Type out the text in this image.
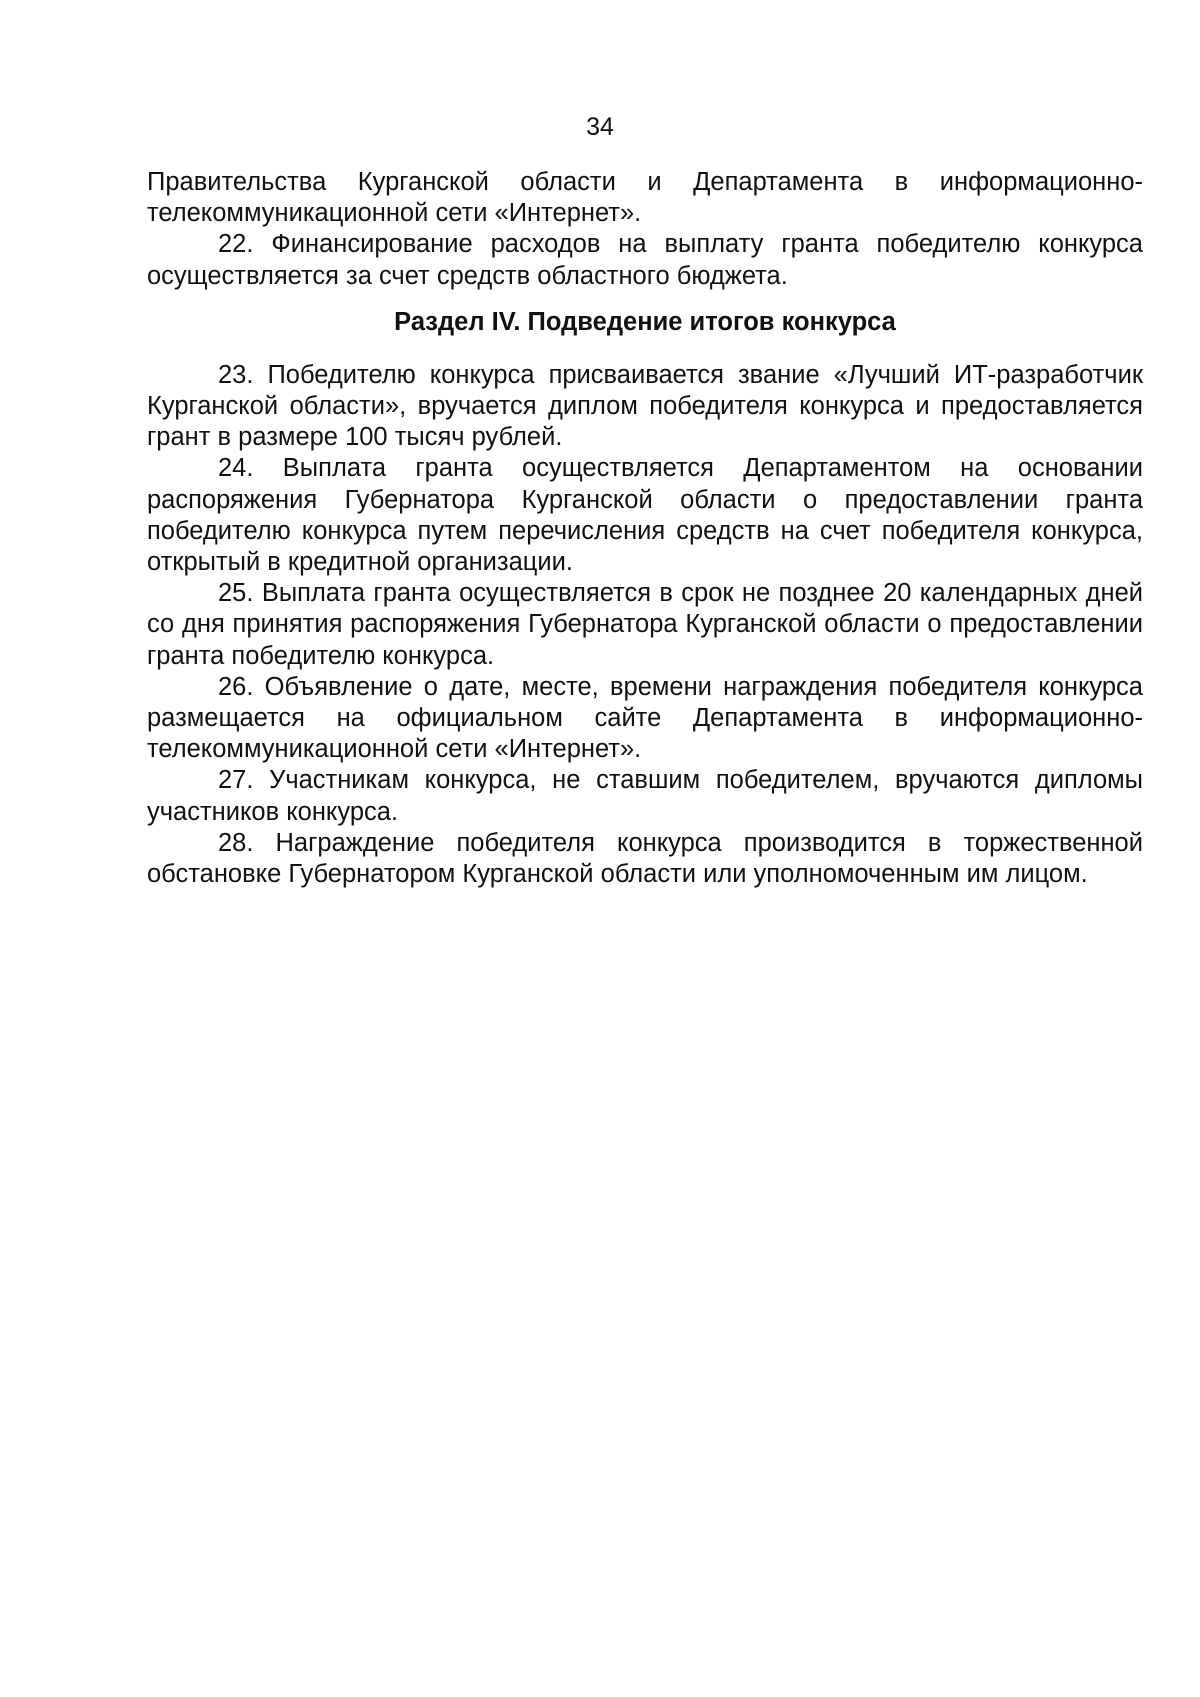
34

Правительства Курганской области и Департамента в информационно-телекоммуникационной сети «Интернет».

22. Финансирование расходов на выплату гранта победителю конкурса осуществляется за счет средств областного бюджета.

Раздел IV. Подведение итогов конкурса

23. Победителю конкурса присваивается звание «Лучший ИТ-разработчик Курганской области», вручается диплом победителя конкурса и предоставляется грант в размере 100 тысяч рублей.

24. Выплата гранта осуществляется Департаментом на основании распоряжения Губернатора Курганской области о предоставлении гранта победителю конкурса путем перечисления средств на счет победителя конкурса, открытый в кредитной организации.

25. Выплата гранта осуществляется в срок не позднее 20 календарных дней со дня принятия распоряжения Губернатора Курганской области о предоставлении гранта победителю конкурса.

26. Объявление о дате, месте, времени награждения победителя конкурса размещается на официальном сайте Департамента в информационно-телекоммуникационной сети «Интернет».

27. Участникам конкурса, не ставшим победителем, вручаются дипломы участников конкурса.

28. Награждение победителя конкурса производится в торжественной обстановке Губернатором Курганской области или уполномоченным им лицом.
